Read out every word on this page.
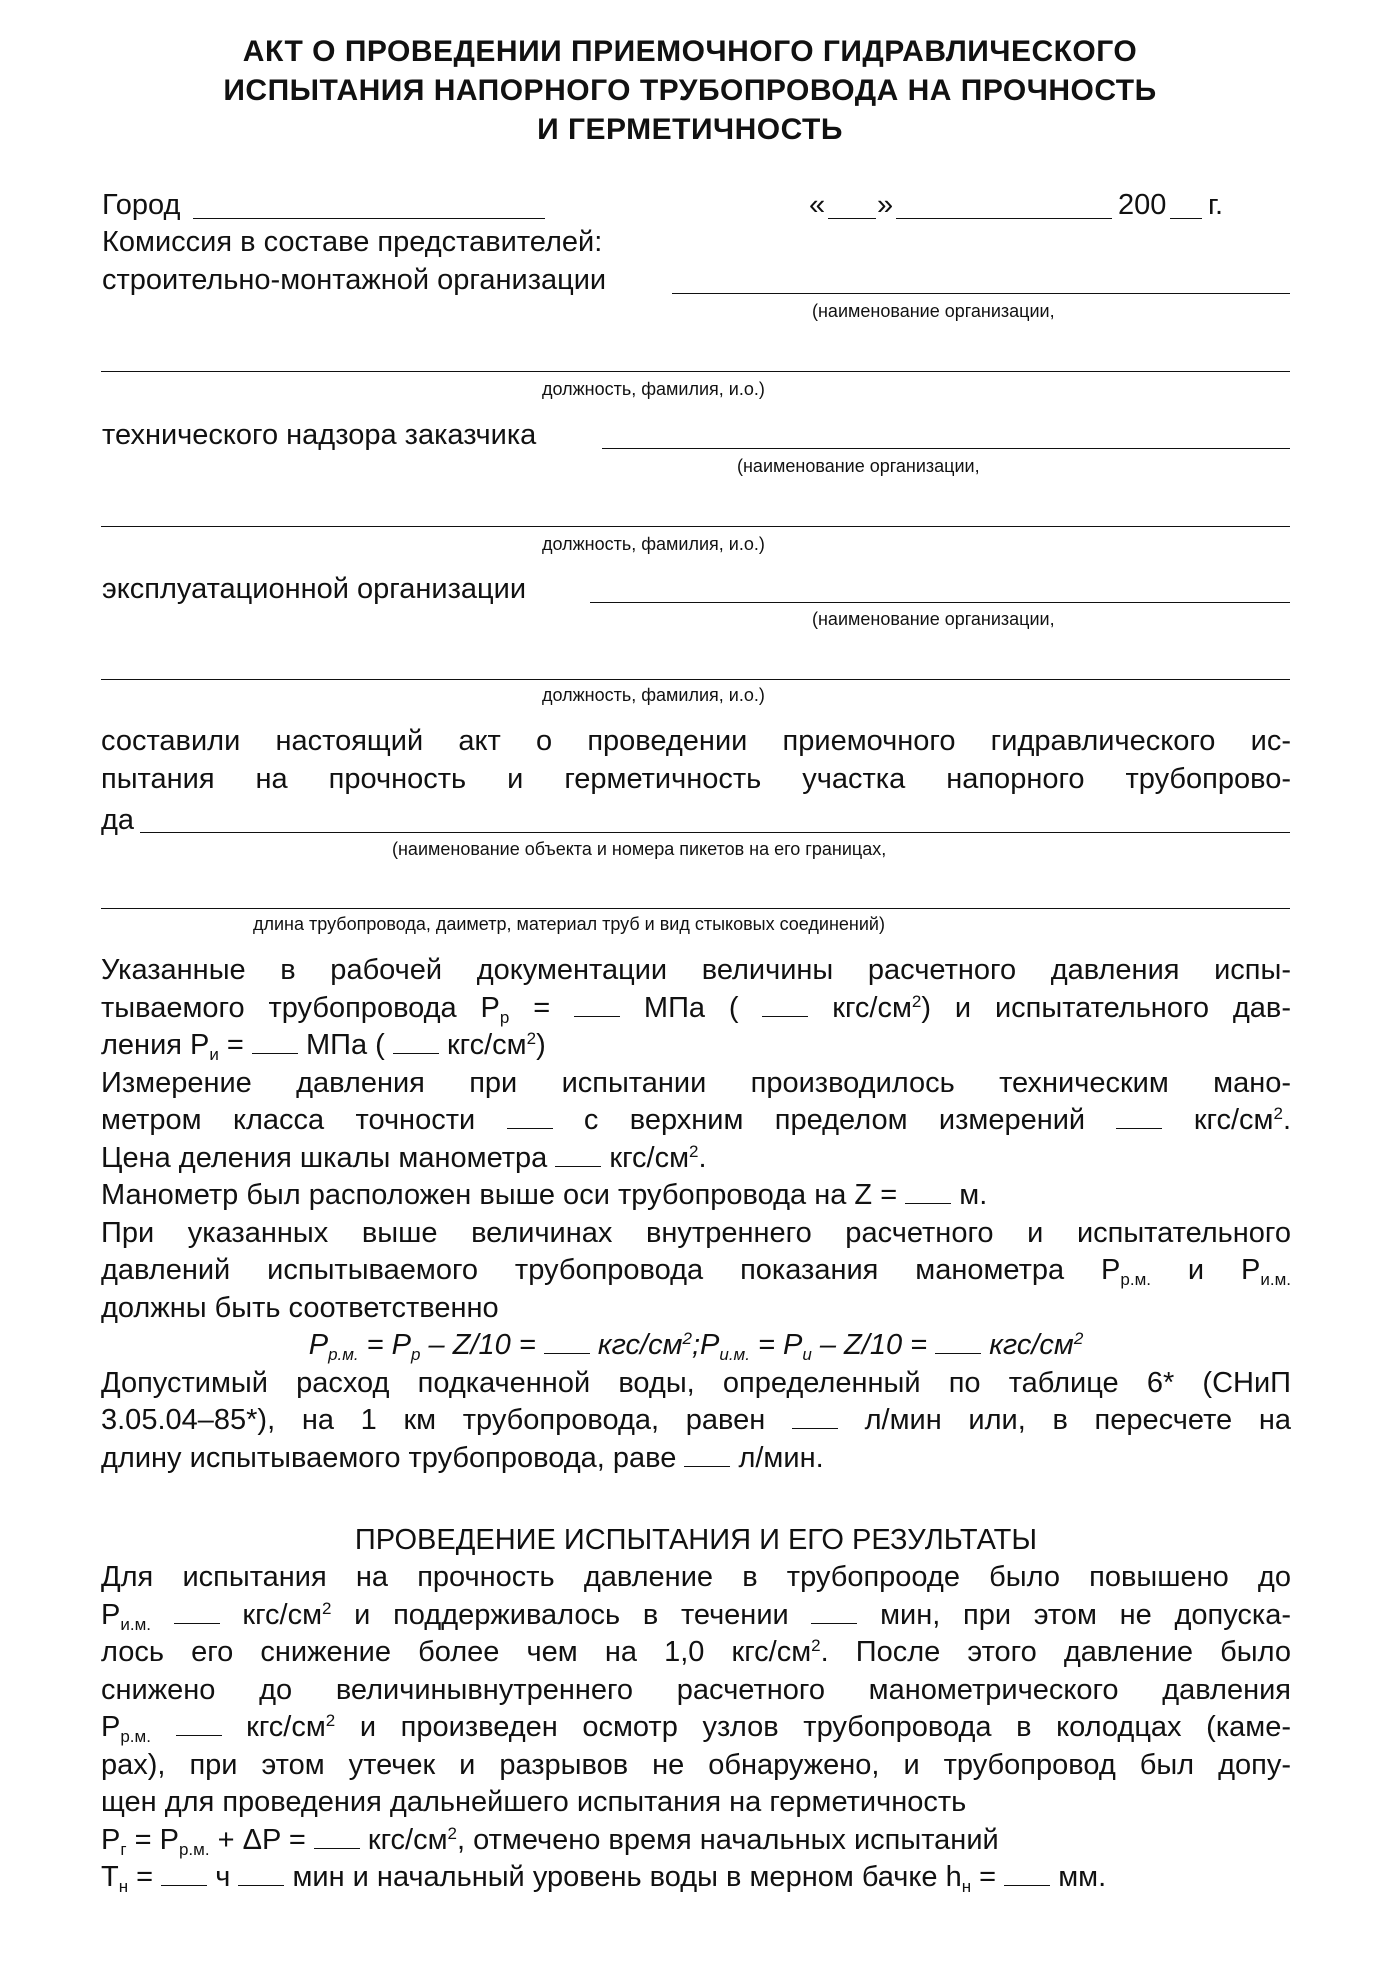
АКТ О ПРОВЕДЕНИИ ПРИЕМОЧНОГО ГИДРАВЛИЧЕСКОГО
ИСПЫТАНИЯ НАПОРНОГО ТРУБОПРОВОДА НА ПРОЧНОСТЬ
И ГЕРМЕТИЧНОСТЬ
Город	« »	200 г.
Комиссия в составе представителей:
строительно-монтажной организации
(наименование организации,
должность, фамилия, и.о.)
технического надзора заказчика
(наименование организации,
должность, фамилия, и.о.)
эксплуатационной организации
(наименование организации,
должность, фамилия, и.о.)
составили настоящий акт о проведении приемочного гидравлического ис-
пытания на прочность и герметичность участка напорного трубопрово-
да
(наименование объекта и номера пикетов на его границах,
длина трубопровода, даиметр, материал труб и вид стыковых соединений)
Указанные в рабочей документации величины расчетного давления испы-
тываемого трубопровода $P_р$ =  МПа (  кгс/$см^2$) и испытательного дав-
ления $P_и$ =  МПа (  кгс/$см^2$)
Измерение давления при испытании производилось техническим мано-
метром класса точности  с верхним пределом измерений  кгс/$см^2$.
Цена деления шкалы манометра  кгс/$см^2$.
Манометр был расположен выше оси трубопровода на Z =  м.
При указанных выше величинах внутреннего расчетного и испытательного
давлений испытываемого трубопровода показания манометра $P_{р.м.}$ и $P_{и.м.}$
должны быть соответственно
$P_{р.м.} = P_р - Z/10$ =  кгс/$см^2;P_{и.м.} = P_и - Z/10 = кгс/см^2$
Допустимый расход подкаченной воды, определенный по таблице 6* (СНиП
3.05.04–85*), на 1 км трубопровода, равен  л/мин или, в пересчете на
длину испытываемого трубопровода, раве  л/мин.
ПРОВЕДЕНИЕ ИСПЫТАНИЯ И ЕГО РЕЗУЛЬТАТЫ
Для испытания на прочность давление в трубопрооде было повышено до
$P_{и.м.}$  кгс/$см^2$ и поддерживалось в течении  мин, при этом не допуска-
лось его снижение более чем на 1,0 кгс/$см^2$. После этого давление было
снижено до величинывнутреннего расчетного манометрического давления
$P_{р.м.}$  кгс/$см^2$ и произведен осмотр узлов трубопровода в колодцах (каме-
рах), при этом утечек и разрывов не обнаружено, и трубопровод был допу-
щен для проведения дальнейшего испытания на герметичность
$P_г = P_{р.м.} + \Delta P = кгс/см^2$, отмечено время начальных испытаний
$T_н = ч$  мин и начальный уровень воды в мерном бачке $h_н$ =  мм.
